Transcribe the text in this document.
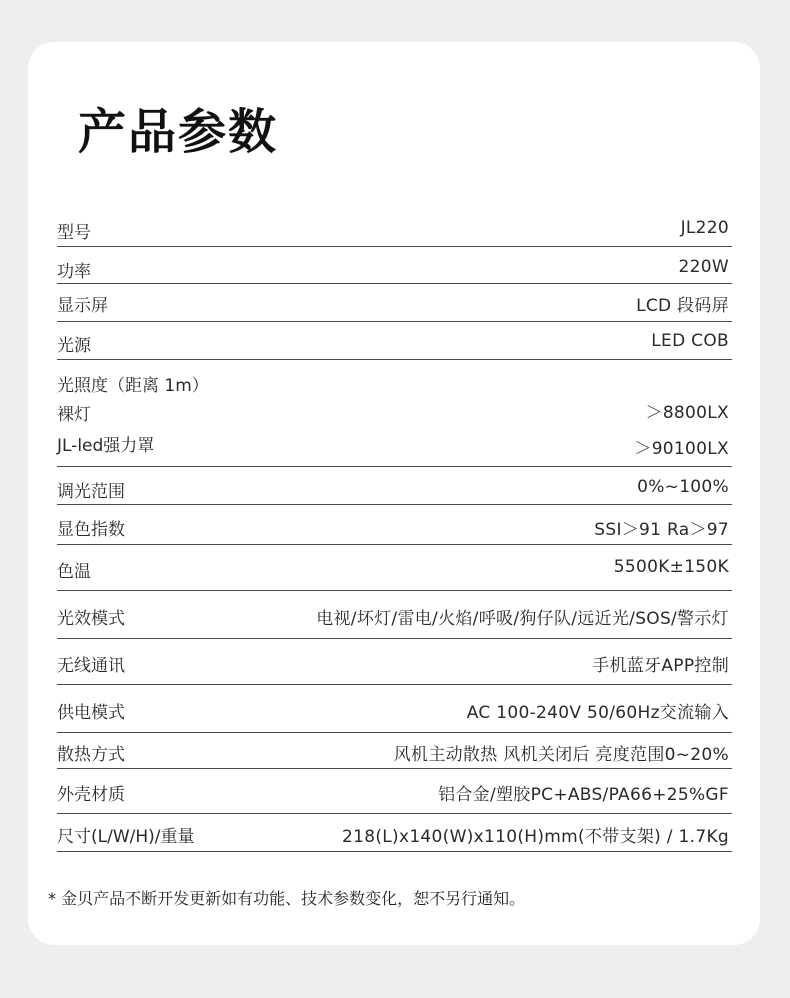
产品参数
型号	JL220
功率	220W
显示屏	LCD 段码屏
光源	LED COB
光照度（距离 1m）
裸灯	＞8800LX
JL-led强力罩	＞90100LX
调光范围	0%~100%
显色指数	SSI＞91 Ra＞97
色温	5500K±150K
光效模式	电视/坏灯/雷电/火焰/呼吸/狗仔队/远近光/SOS/警示灯
无线通讯	手机蓝牙APP控制
供电模式	AC 100-240V 50/60Hz交流输入
散热方式	风机主动散热 风机关闭后 亮度范围0~20%
外壳材质	铝合金/塑胶PC+ABS/PA66+25%GF
尺寸(L/W/H)/重量	218(L)x140(W)x110(H)mm(不带支架) / 1.7Kg
* 金贝产品不断开发更新如有功能、技术参数变化，恕不另行通知。
